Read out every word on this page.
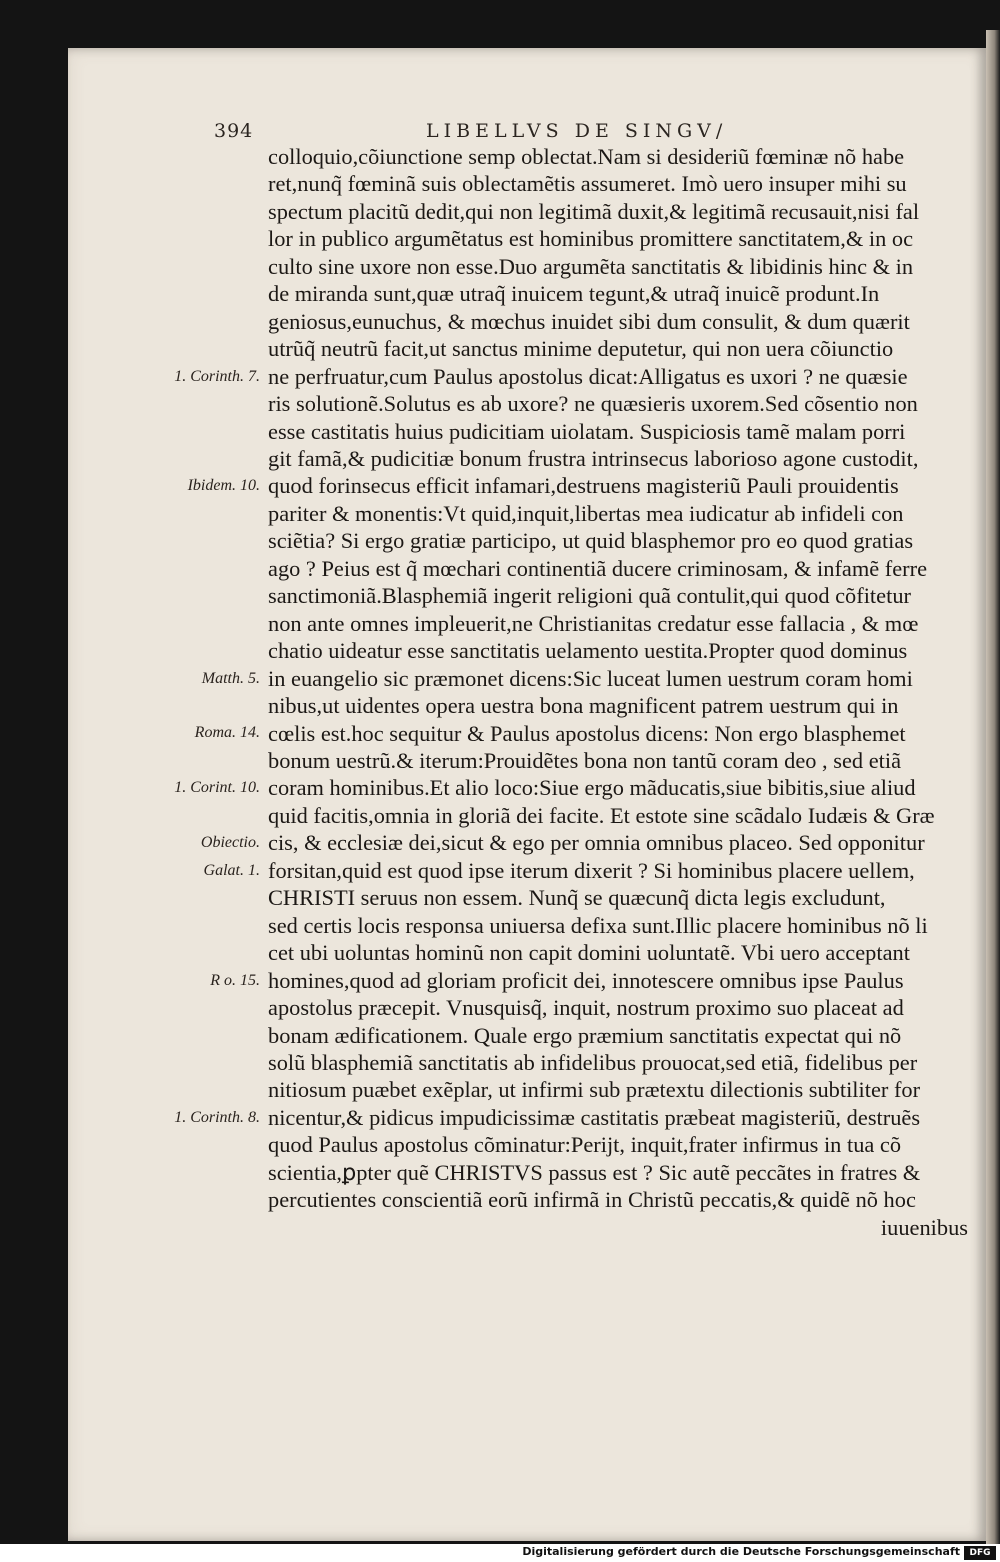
394	LIBELLVS DE SINGV/
colloquio,cõiunctione semp oblectat.Nam si desideriũ fœminæ nõ habe
ret,nunq̃ fœminã suis oblectamẽtis assumeret. Imò uero insuper mihi su
spectum placitũ dedit,qui non legitimã duxit,& legitimã recusauit,nisi fal
lor in publico argumẽtatus est hominibus promittere sanctitatem,& in oc
culto sine uxore non esse.Duo argumẽta sanctitatis & libidinis hinc & in
de miranda sunt,quæ utraq̃ inuicem tegunt,& utraq̃ inuicẽ produnt.In
geniosus,eunuchus, & mœchus inuidet sibi dum consulit, & dum quærit
utrũq̃ neutrũ facit,ut sanctus minime deputetur, qui non uera cõiunctio
ne perfruatur,cum Paulus apostolus dicat:Alligatus es uxori ? ne quæsie
ris solutionẽ.Solutus es ab uxore? ne quæsieris uxorem.Sed cõsentio non
esse castitatis huius pudicitiam uiolatam. Suspiciosis tamẽ malam porri
git famã,& pudicitiæ bonum frustra intrinsecus laborioso agone custodit,
quod forinsecus efficit infamari,destruens magisteriũ Pauli prouidentis
pariter & monentis:Vt quid,inquit,libertas mea iudicatur ab infideli con
sciẽtia? Si ergo gratiæ participo, ut quid blasphemor pro eo quod gratias
ago ? Peius est q̃ mœchari continentiã ducere criminosam, & infamẽ ferre
sanctimoniã.Blasphemiã ingerit religioni quã contulit,qui quod cõfitetur
non ante omnes impleuerit,ne Christianitas credatur esse fallacia , & mœ
chatio uideatur esse sanctitatis uelamento uestita.Propter quod dominus
in euangelio sic præmonet dicens:Sic luceat lumen uestrum coram homi
nibus,ut uidentes opera uestra bona magnificent patrem uestrum qui in
cœlis est.hoc sequitur & Paulus apostolus dicens: Non ergo blasphemet
bonum uestrũ.& iterum:Prouidẽtes bona non tantũ coram deo , sed etiã
coram hominibus.Et alio loco:Siue ergo mãducatis,siue bibitis,siue aliud
quid facitis,omnia in gloriã dei facite. Et estote sine scãdalo Iudæis & Græ
cis, & ecclesiæ dei,sicut & ego per omnia omnibus placeo. Sed opponitur
forsitan,quid est quod ipse iterum dixerit ? Si hominibus placere uellem,
CHRISTI seruus non essem. Nunq̃ se quæcunq̃ dicta legis excludunt,
sed certis locis responsa uniuersa defixa sunt.Illic placere hominibus nõ li
cet ubi uoluntas hominũ non capit domini uoluntatẽ. Vbi uero acceptant
homines,quod ad gloriam proficit dei, innotescere omnibus ipse Paulus
apostolus præcepit. Vnusquisq̃, inquit, nostrum proximo suo placeat ad
bonam ædificationem. Quale ergo præmium sanctitatis expectat qui nõ
solũ blasphemiã sanctitatis ab infidelibus prouocat,sed etiã, fidelibus per
nitiosum puæbet exẽplar, ut infirmi sub prætextu dilectionis subtiliter for
nicentur,& pidicus impudicissimæ castitatis præbeat magisteriũ, destruẽs
quod Paulus apostolus cõminatur:Perijt, inquit,frater infirmus in tua cõ
scientia,ꝑpter quẽ CHRISTVS passus est ? Sic autẽ peccãtes in fratres &
percutientes conscientiã eorũ infirmã in Christũ peccatis,& quidẽ nõ hoc
iuuenibus
1. Corinth. 7.
Ibidem. 10.
Matth. 5.
Roma. 14.
1. Corint. 10.
Obiectio.
Galat. 1.
R o. 15.
1. Corinth. 8.
Digitalisierung gefördert durch die Deutsche Forschungsgemeinschaft	DFG
